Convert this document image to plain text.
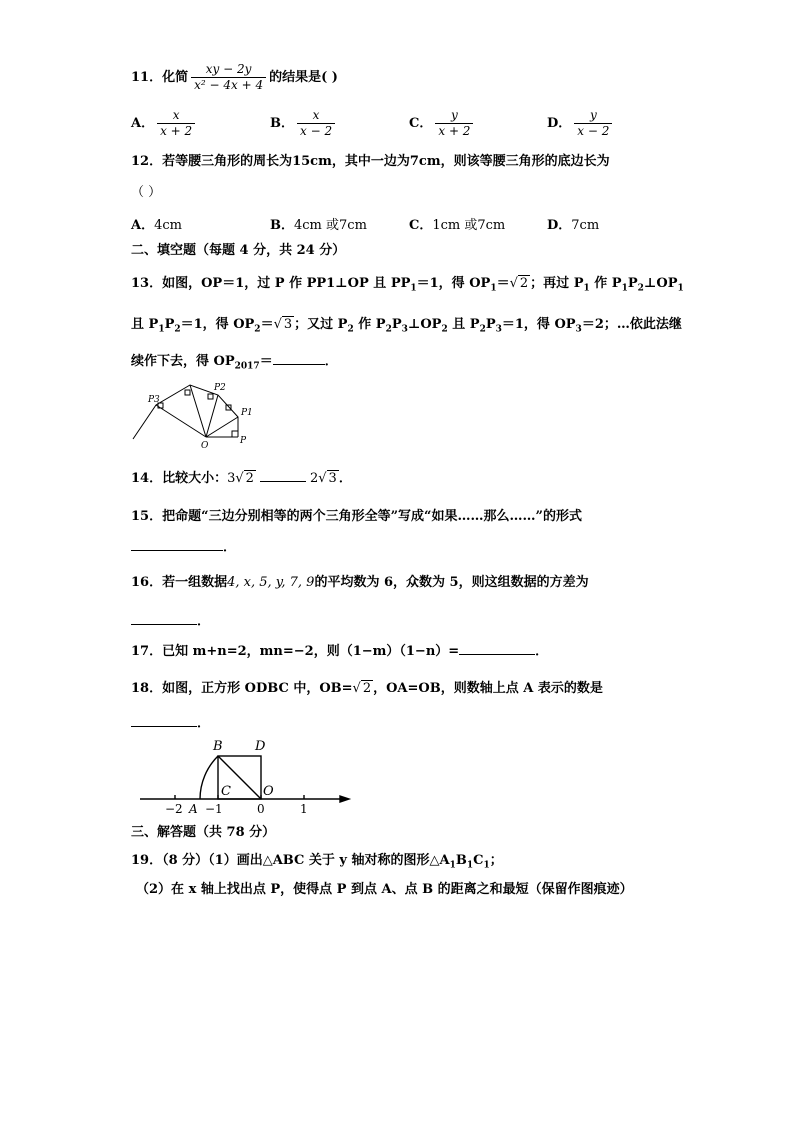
11．化简 $\frac{xy - 2y}{\text{x² − 4x + 4}}$ 的结果是( )
A． $\frac{x}{x + 2}$	B． $\frac{x}{x - 2}$	C． $\frac{y}{x + 2}$	D． $\frac{y}{x - 2}$
12．若等腰三角形的周长为15cm，其中一边为7cm，则该等腰三角形的底边长为
（ ）
A．4cm	B．4cm 或7cm	C．1cm 或7cm	D．7cm
二、填空题（每题 4 分，共 24 分）
13．如图，OP＝1，过 P 作 PP1⊥OP 且 $PP_1=1$，得 $OP_1=√$ 2 ；再过 $P_1$ 作 $P_1P_2\perp OP_1$
且 $P_1P_2=1$，得 $OP_2=√$ 3 ；又过 $P_2$ 作 $P_2P_3\perp OP_2$ 且 $P_2P_3=1$，得 $OP_3=2$；…依此法继
续作下去，得 $OP_{2017}=$	．
P3
P2
P1
O	P
14．比较大小：3√ 2	2√ 3 ．
15．把命题“三边分别相等的两个三角形全等”写成“如果……那么……”的形式
．
16．若一组数据4, x, 5, y, 7, 9的平均数为 6，众数为 5，则这组数据的方差为
．
17．已知 m+n=2，mn=−2，则（1−m）（1−n）=	．
18．如图，正方形 ODBC 中，OB=√ 2 ，OA=OB，则数轴上点 A 表示的数是
．
B D
C O
A
−2 −1	0	1
三、解答题（共 78 分）
19．（8 分）（1）画出△ABC 关于 y 轴对称的图形$\triangle A_1B_1C_1$；
（2）在 x 轴上找出点 P，使得点 P 到点 A、点 B 的距离之和最短（保留作图痕迹）
